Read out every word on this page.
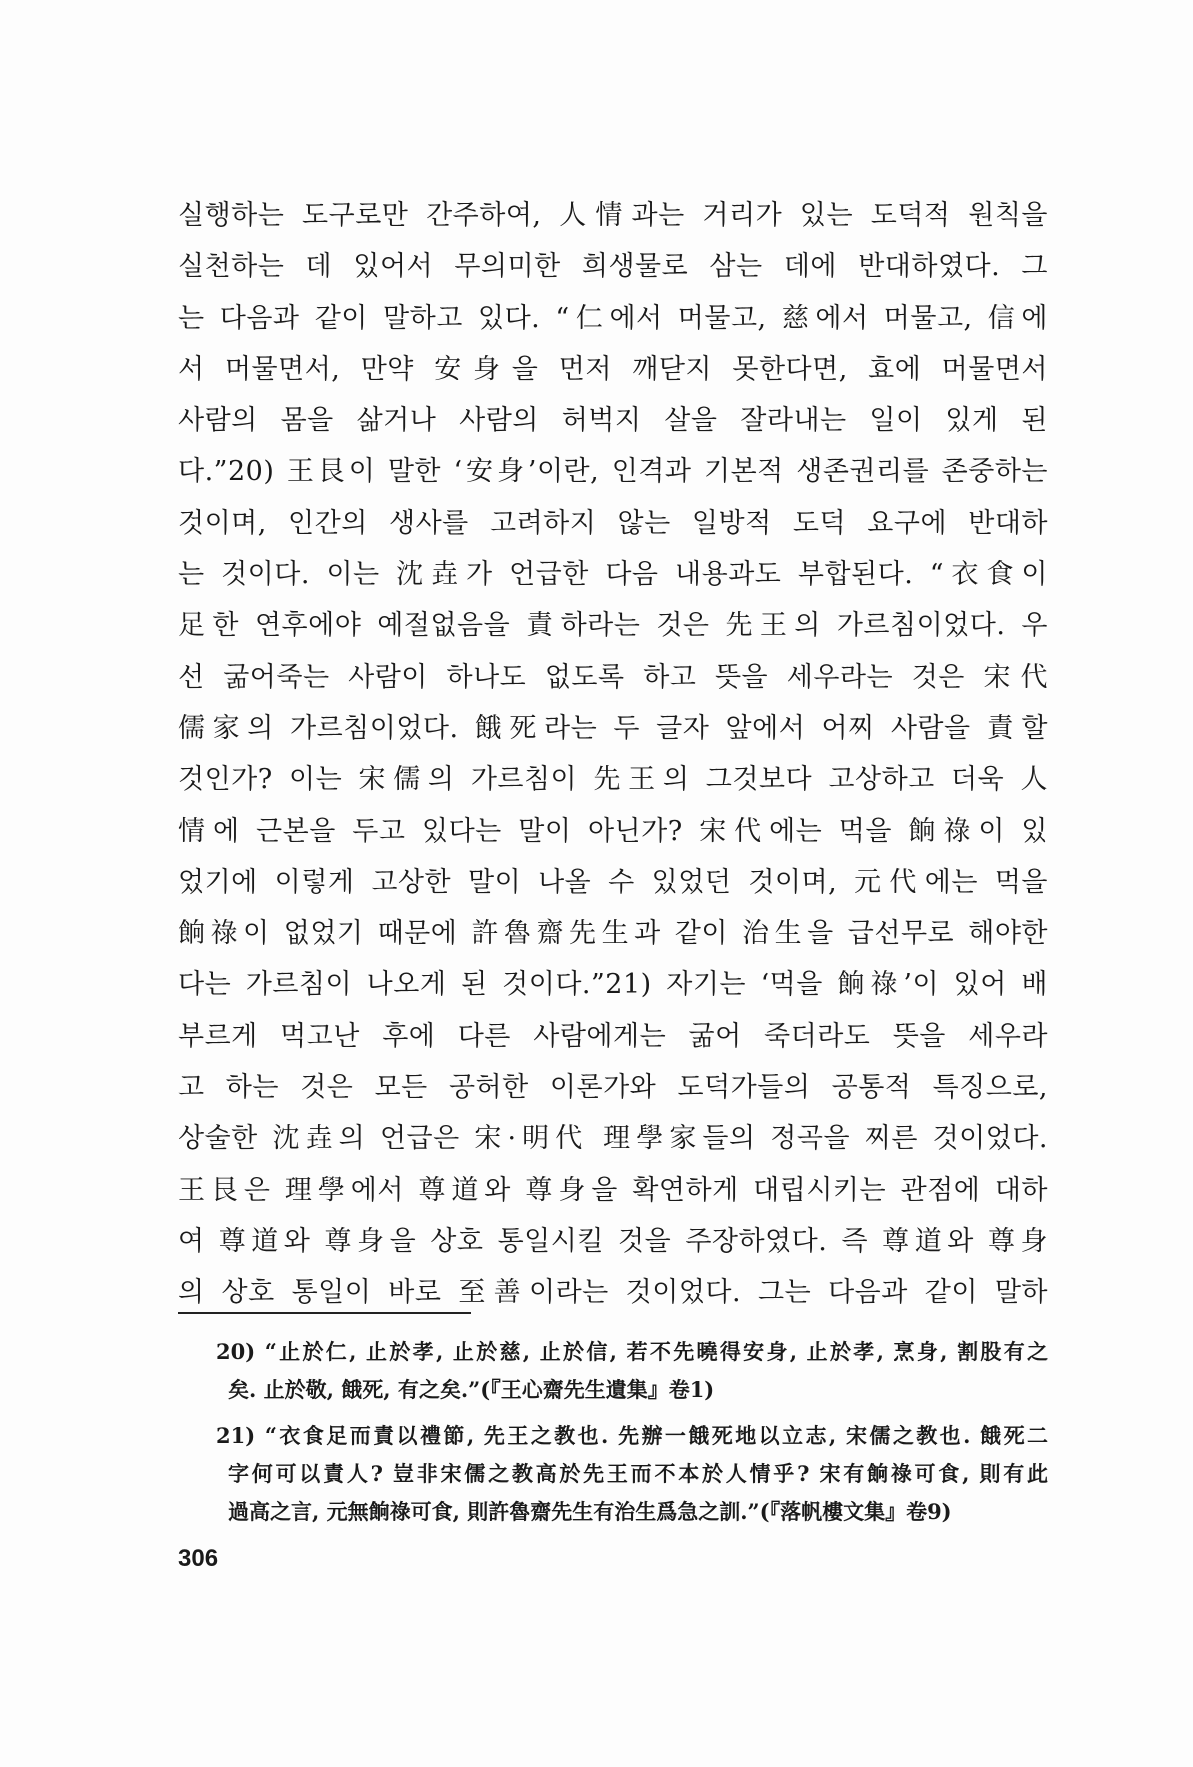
실행하는 도구로만 간주하여, 人情과는 거리가 있는 도덕적 원칙을
실천하는 데 있어서 무의미한 희생물로 삼는 데에 반대하였다. 그
는 다음과 같이 말하고 있다. “仁에서 머물고, 慈에서 머물고, 信에
서 머물면서, 만약 安身을 먼저 깨닫지 못한다면, 효에 머물면서
사람의 몸을 삶거나 사람의 허벅지 살을 잘라내는 일이 있게 된
다.”20) 王艮이 말한 ‘安身’이란, 인격과 기본적 생존권리를 존중하는
것이며, 인간의 생사를 고려하지 않는 일방적 도덕 요구에 반대하
는 것이다. 이는 沈垚가 언급한 다음 내용과도 부합된다. “衣食이
足한 연후에야 예절없음을 責하라는 것은 先王의 가르침이었다. 우
선 굶어죽는 사람이 하나도 없도록 하고 뜻을 세우라는 것은 宋代
儒家의 가르침이었다. 餓死라는 두 글자 앞에서 어찌 사람을 責할
것인가? 이는 宋儒의 가르침이 先王의 그것보다 고상하고 더욱 人
情에 근본을 두고 있다는 말이 아닌가? 宋代에는 먹을 餉祿이 있
었기에 이렇게 고상한 말이 나올 수 있었던 것이며, 元代에는 먹을
餉祿이 없었기 때문에 許魯齋先生과 같이 治生을 급선무로 해야한
다는 가르침이 나오게 된 것이다.”21) 자기는 ‘먹을 餉祿’이 있어 배
부르게 먹고난 후에 다른 사람에게는 굶어 죽더라도 뜻을 세우라
고 하는 것은 모든 공허한 이론가와 도덕가들의 공통적 특징으로,
상술한 沈垚의 언급은 宋·明代 理學家들의 정곡을 찌른 것이었다.
王艮은 理學에서 尊道와 尊身을 확연하게 대립시키는 관점에 대하
여 尊道와 尊身을 상호 통일시킬 것을 주장하였다. 즉 尊道와 尊身
의 상호 통일이 바로 至善이라는 것이었다. 그는 다음과 같이 말하
20) “止於仁, 止於孝, 止於慈, 止於信, 若不先曉得安身, 止於孝, 烹身, 割股有之
矣. 止於敬, 餓死, 有之矣.”(『王心齋先生遺集』卷1)
21) “衣食足而責以禮節, 先王之教也. 先辦一餓死地以立志, 宋儒之教也. 餓死二
字何可以責人? 豈非宋儒之教高於先王而不本於人情乎? 宋有餉祿可食, 則有此
過高之言, 元無餉祿可食, 則許魯齋先生有治生爲急之訓.”(『落帆樓文集』卷9)
306
